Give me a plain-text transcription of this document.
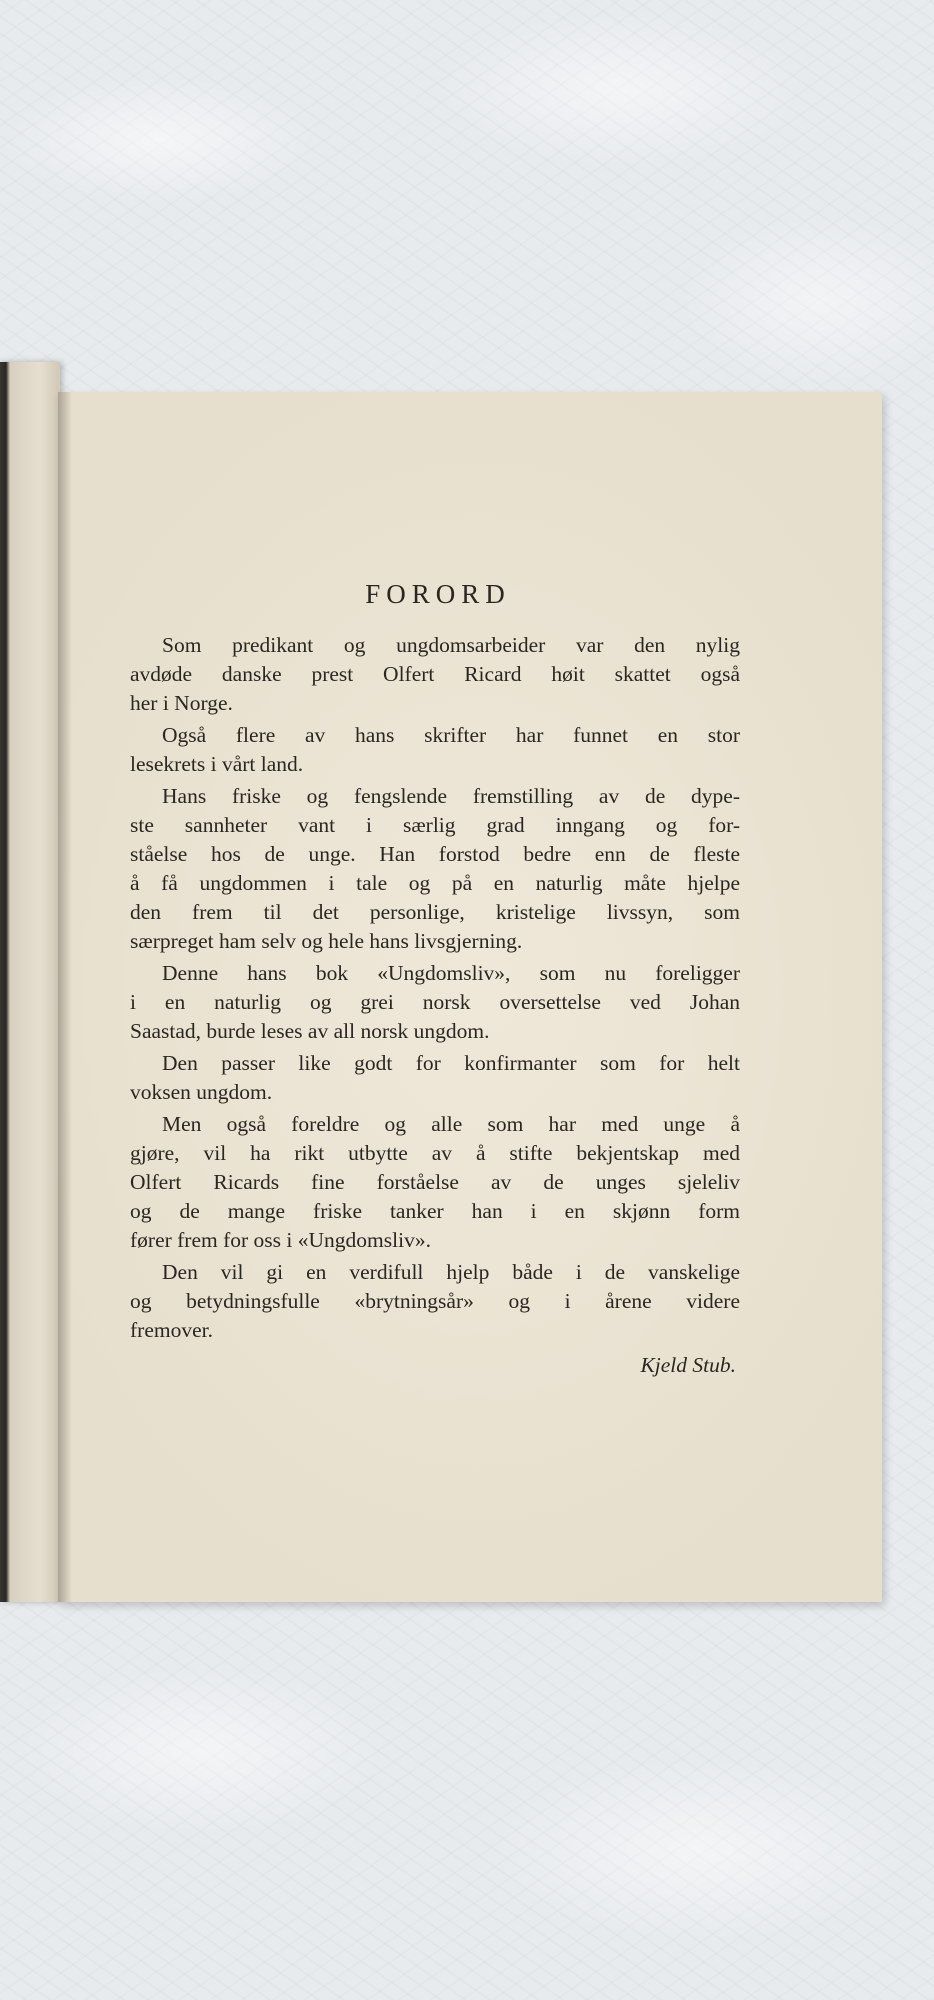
FORORD
Som predikant og ungdomsarbeider var den nylig
avdøde danske prest Olfert Ricard høit skattet også
her i Norge.
Også flere av hans skrifter har funnet en stor
lesekrets i vårt land.
Hans friske og fengslende fremstilling av de dype-
ste sannheter vant i særlig grad inngang og for-
ståelse hos de unge. Han forstod bedre enn de fleste
å få ungdommen i tale og på en naturlig måte hjelpe
den frem til det personlige, kristelige livssyn, som
særpreget ham selv og hele hans livsgjerning.
Denne hans bok «Ungdomsliv», som nu foreligger
i en naturlig og grei norsk oversettelse ved Johan
Saastad, burde leses av all norsk ungdom.
Den passer like godt for konfirmanter som for helt
voksen ungdom.
Men også foreldre og alle som har med unge å
gjøre, vil ha rikt utbytte av å stifte bekjentskap med
Olfert Ricards fine forståelse av de unges sjeleliv
og de mange friske tanker han i en skjønn form
fører frem for oss i «Ungdomsliv».
Den vil gi en verdifull hjelp både i de vanskelige
og betydningsfulle «brytningsår» og i årene videre
fremover.
Kjeld Stub.
